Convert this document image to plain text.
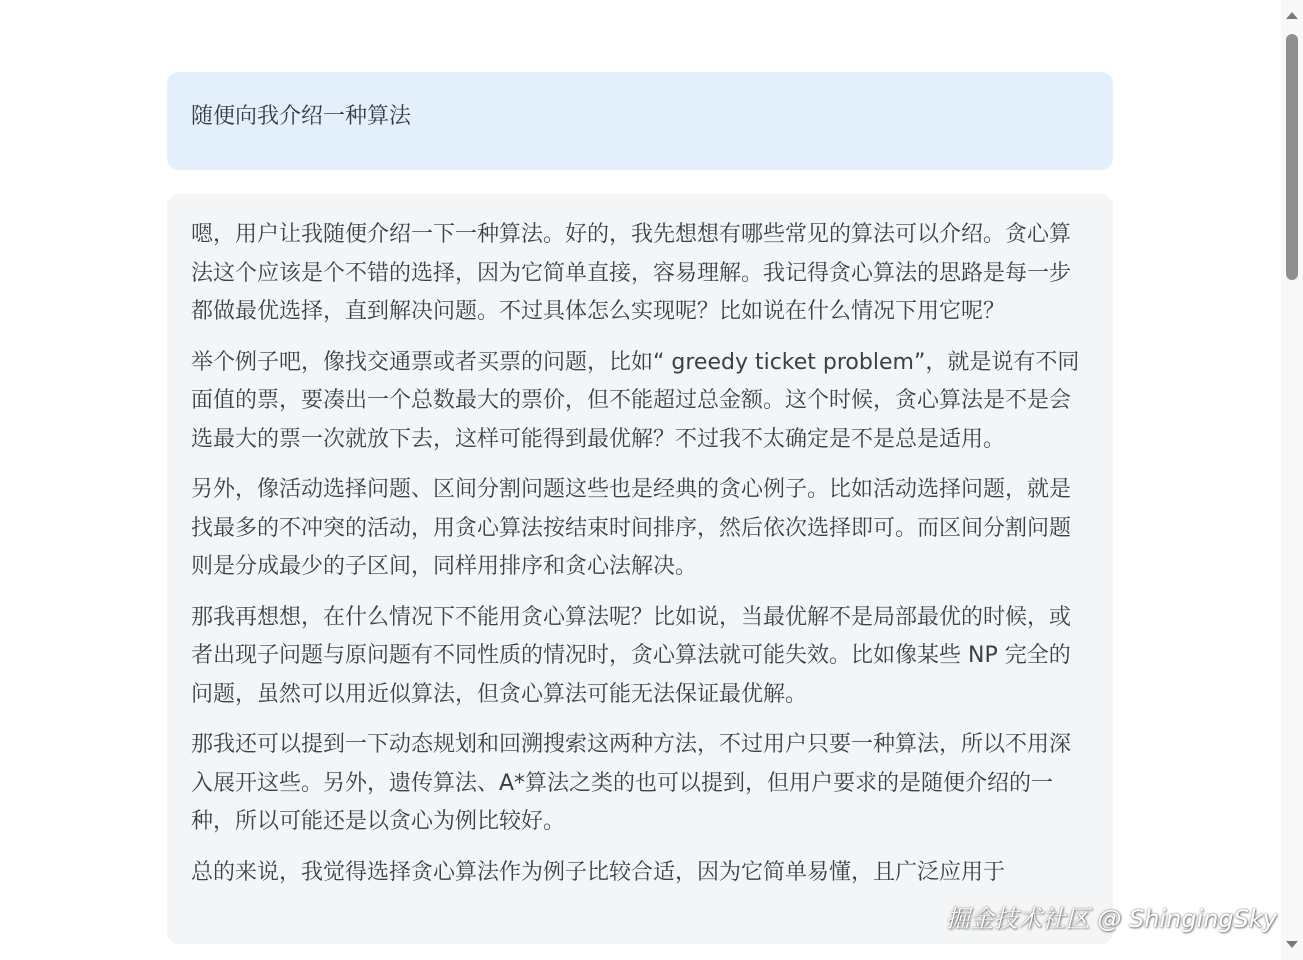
随便向我介绍一种算法

嗯，用户让我随便介绍一下一种算法。好的，我先想想有哪些常见的算法可以介绍。贪心算法这个应该是个不错的选择，因为它简单直接，容易理解。我记得贪心算法的思路是每一步都做最优选择，直到解决问题。不过具体怎么实现呢？比如说在什么情况下用它呢？

举个例子吧，像找交通票或者买票的问题，比如“ greedy ticket problem”，就是说有不同面值的票，要凑出一个总数最大的票价，但不能超过总金额。这个时候，贪心算法是不是会选最大的票一次就放下去，这样可能得到最优解？不过我不太确定是不是总是适用。

另外，像活动选择问题、区间分割问题这些也是经典的贪心例子。比如活动选择问题，就是找最多的不冲突的活动，用贪心算法按结束时间排序，然后依次选择即可。而区间分割问题则是分成最少的子区间，同样用排序和贪心法解决。

那我再想想，在什么情况下不能用贪心算法呢？比如说，当最优解不是局部最优的时候，或者出现子问题与原问题有不同性质的情况时，贪心算法就可能失效。比如像某些 NP 完全的问题，虽然可以用近似算法，但贪心算法可能无法保证最优解。

那我还可以提到一下动态规划和回溯搜索这两种方法，不过用户只要一种算法，所以不用深入展开这些。另外，遗传算法、A*算法之类的也可以提到，但用户要求的是随便介绍的一种，所以可能还是以贪心为例比较好。

总的来说，我觉得选择贪心算法作为例子比较合适，因为它简单易懂，且广泛应用于

掘金技术社区 @ ShingingSky
